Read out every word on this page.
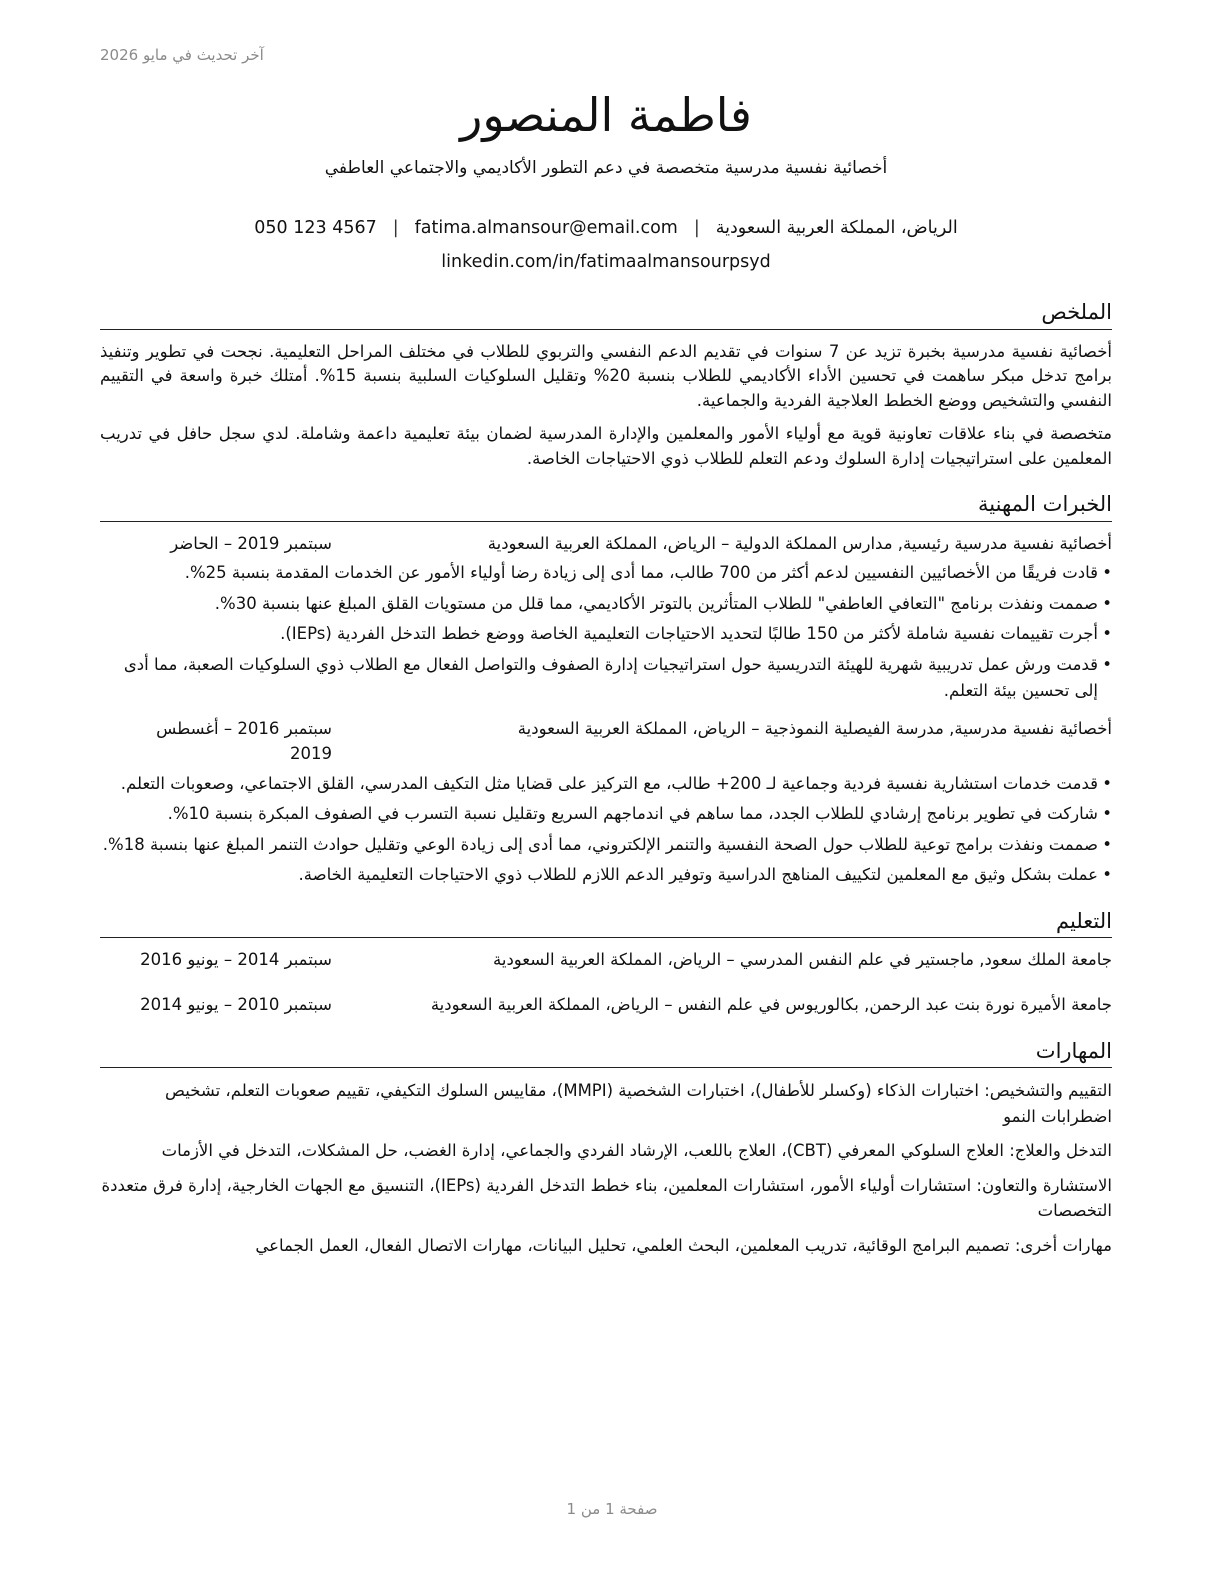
آخر تحديث في مايو 2026
فاطمة المنصور
أخصائية نفسية مدرسية متخصصة في دعم التطور الأكاديمي والاجتماعي العاطفي
الرياض، المملكة العربية السعودية|fatima.almansour@email.com|050 123 4567
linkedin.com/in/fatimaalmansourpsyd
الملخص

أخصائية نفسية مدرسية بخبرة تزيد عن 7 سنوات في تقديم الدعم النفسي والتربوي للطلاب في مختلف المراحل التعليمية. نجحت في تطوير وتنفيذ برامج تدخل مبكر ساهمت في تحسين الأداء الأكاديمي للطلاب بنسبة 20% وتقليل السلوكيات السلبية بنسبة 15%. أمتلك خبرة واسعة في التقييم النفسي والتشخيص ووضع الخطط العلاجية الفردية والجماعية.

متخصصة في بناء علاقات تعاونية قوية مع أولياء الأمور والمعلمين والإدارة المدرسية لضمان بيئة تعليمية داعمة وشاملة. لدي سجل حافل في تدريب المعلمين على استراتيجيات إدارة السلوك ودعم التعلم للطلاب ذوي الاحتياجات الخاصة.

الخبرات المهنية
أخصائية نفسية مدرسية رئيسية, مدارس المملكة الدولية – الرياض، المملكة العربية السعودية
سبتمبر 2019 – الحاضر
• قادت فريقًا من الأخصائيين النفسيين لدعم أكثر من 700 طالب، مما أدى إلى زيادة رضا أولياء الأمور عن الخدمات المقدمة بنسبة 25%.
• صممت ونفذت برنامج "التعافي العاطفي" للطلاب المتأثرين بالتوتر الأكاديمي، مما قلل من مستويات القلق المبلغ عنها بنسبة 30%.
• أجرت تقييمات نفسية شاملة لأكثر من 150 طالبًا لتحديد الاحتياجات التعليمية الخاصة ووضع خطط التدخل الفردية (IEPs).
• قدمت ورش عمل تدريبية شهرية للهيئة التدريسية حول استراتيجيات إدارة الصفوف والتواصل الفعال مع الطلاب ذوي السلوكيات الصعبة، مما أدى إلى تحسين بيئة التعلم.
أخصائية نفسية مدرسية, مدرسة الفيصلية النموذجية – الرياض، المملكة العربية السعودية
سبتمبر 2016 – أغسطس 2019
• قدمت خدمات استشارية نفسية فردية وجماعية لـ 200+ طالب، مع التركيز على قضايا مثل التكيف المدرسي، القلق الاجتماعي، وصعوبات التعلم.
• شاركت في تطوير برنامج إرشادي للطلاب الجدد، مما ساهم في اندماجهم السريع وتقليل نسبة التسرب في الصفوف المبكرة بنسبة 10%.
• صممت ونفذت برامج توعية للطلاب حول الصحة النفسية والتنمر الإلكتروني، مما أدى إلى زيادة الوعي وتقليل حوادث التنمر المبلغ عنها بنسبة 18%.
• عملت بشكل وثيق مع المعلمين لتكييف المناهج الدراسية وتوفير الدعم اللازم للطلاب ذوي الاحتياجات التعليمية الخاصة.
التعليم
جامعة الملك سعود, ماجستير في علم النفس المدرسي – الرياض، المملكة العربية السعودية
سبتمبر 2014 – يونيو 2016
جامعة الأميرة نورة بنت عبد الرحمن, بكالوريوس في علم النفس – الرياض، المملكة العربية السعودية
سبتمبر 2010 – يونيو 2014
المهارات

التقييم والتشخيص: اختبارات الذكاء (وكسلر للأطفال)، اختبارات الشخصية (MMPI)، مقاييس السلوك التكيفي، تقييم صعوبات التعلم، تشخيص اضطرابات النمو

التدخل والعلاج: العلاج السلوكي المعرفي (CBT)، العلاج باللعب، الإرشاد الفردي والجماعي، إدارة الغضب، حل المشكلات، التدخل في الأزمات

الاستشارة والتعاون: استشارات أولياء الأمور، استشارات المعلمين، بناء خطط التدخل الفردية (IEPs)، التنسيق مع الجهات الخارجية، إدارة فرق متعددة التخصصات

مهارات أخرى: تصميم البرامج الوقائية، تدريب المعلمين، البحث العلمي، تحليل البيانات، مهارات الاتصال الفعال، العمل الجماعي

صفحة 1 من 1
